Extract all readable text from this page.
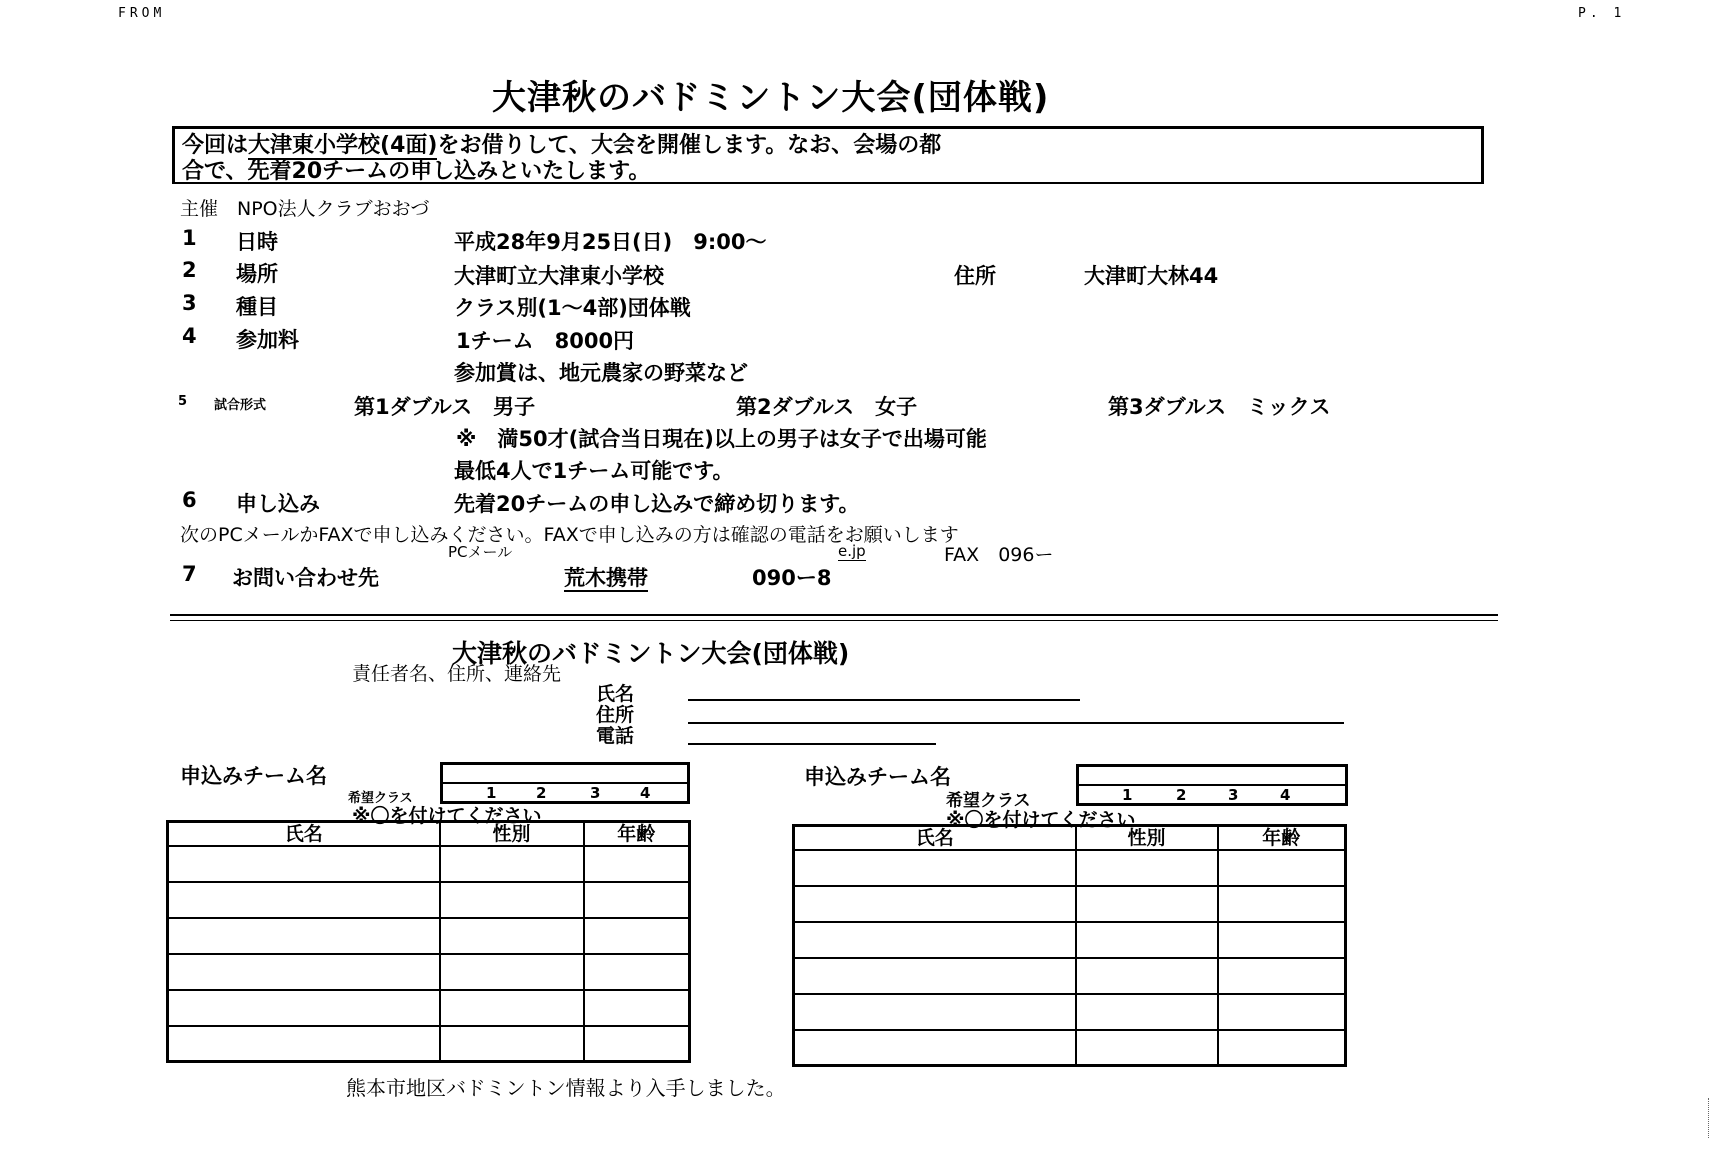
FROM	P. 1
大津秋のバドミントン大会(団体戦)
今回は大津東小学校(4面)をお借りして、大会を開催します。なお、会場の都
合で、先着20チームの申し込みといたします。
主催　NPO法人クラブおおづ
1 日時	平成28年9月25日(日)　9:00〜
2 場所	大津町立大津東小学校	住所	大津町大林44
3 種目	クラス別(1〜4部)団体戦
4 参加料	1チーム　8000円
参加賞は、地元農家の野菜など
5 試合形式	第1ダブルス　男子	第2ダブルス　女子	第3ダブルス　ミックス
※　満50才(試合当日現在)以上の男子は女子で出場可能
最低4人で1チーム可能です。
6 申し込み	先着20チームの申し込みで締め切ります。
次のPCメールかFAXで申し込みください。FAXで申し込みの方は確認の電話をお願いします
PCメール	e.jp	FAX　096ー
7 お問い合わせ先	荒木携帯	090ー8
大津秋のバドミントン大会(団体戦)
責任者名、住所、連絡先
氏名
住所
電話
申込みチーム名
希望クラス	1	2	3	4
※〇を付けてください
氏名	性別	年齢

申込みチーム名
希望クラス	1	2	3	4
※〇を付けてください
氏名	性別	年齢

熊本市地区バドミントン情報より入手しました。
